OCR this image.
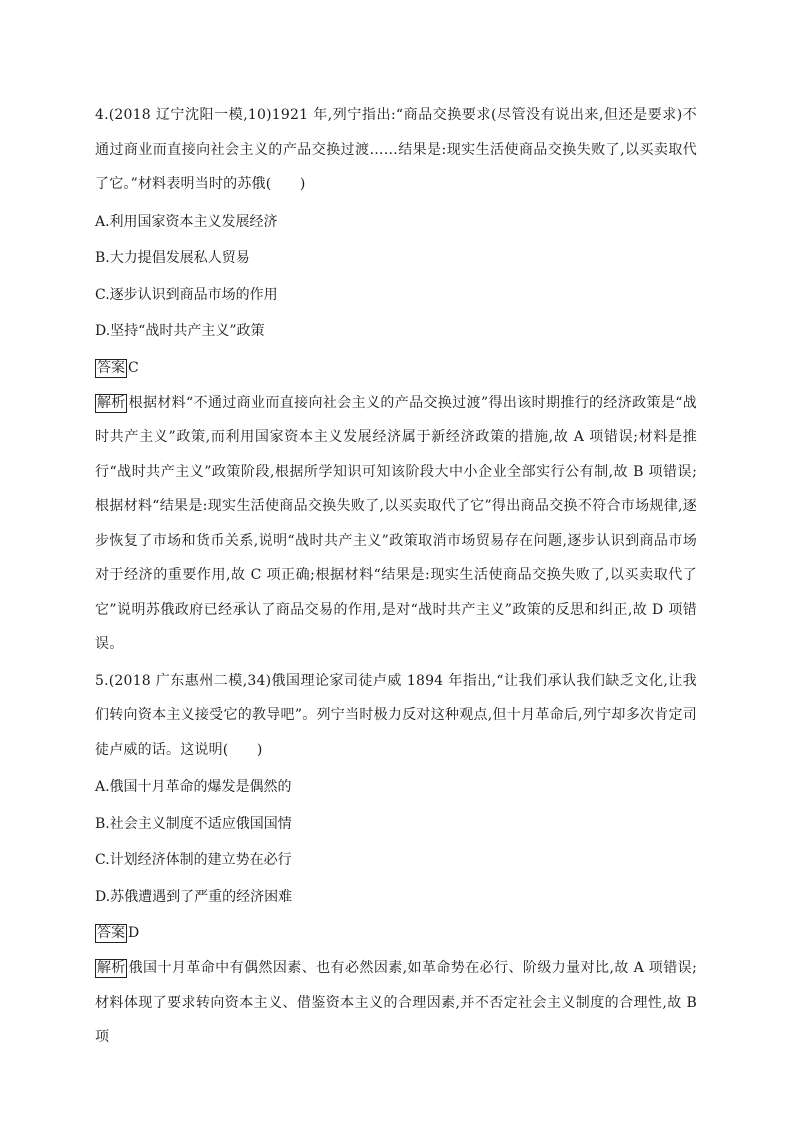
4.(2018 辽宁沈阳一模,10)1921 年,列宁指出:“商品交换要求(尽管没有说出来,但还是要求)不通过商业而直接向社会主义的产品交换过渡……结果是:现实生活使商品交换失败了,以买卖取代了它。”材料表明当时的苏俄(　　)

A.利用国家资本主义发展经济

B.大力提倡发展私人贸易

C.逐步认识到商品市场的作用

D.坚持“战时共产主义”政策

答案 C

解析 根据材料“不通过商业而直接向社会主义的产品交换过渡”得出该时期推行的经济政策是“战时共产主义”政策,而利用国家资本主义发展经济属于新经济政策的措施,故 A 项错误;材料是推行“战时共产主义”政策阶段,根据所学知识可知该阶段大中小企业全部实行公有制,故 B 项错误;根据材料“结果是:现实生活使商品交换失败了,以买卖取代了它”得出商品交换不符合市场规律,逐步恢复了市场和货币关系,说明“战时共产主义”政策取消市场贸易存在问题,逐步认识到商品市场对于经济的重要作用,故 C 项正确;根据材料“结果是:现实生活使商品交换失败了,以买卖取代了它”说明苏俄政府已经承认了商品交易的作用,是对“战时共产主义”政策的反思和纠正,故 D 项错误。

5.(2018 广东惠州二模,34)俄国理论家司徒卢威 1894 年指出,“让我们承认我们缺乏文化,让我们转向资本主义接受它的教导吧”。列宁当时极力反对这种观点,但十月革命后,列宁却多次肯定司徒卢威的话。这说明(　　)

A.俄国十月革命的爆发是偶然的

B.社会主义制度不适应俄国国情

C.计划经济体制的建立势在必行

D.苏俄遭遇到了严重的经济困难

答案 D

解析 俄国十月革命中有偶然因素、也有必然因素,如革命势在必行、阶级力量对比,故 A 项错误;材料体现了要求转向资本主义、借鉴资本主义的合理因素,并不否定社会主义制度的合理性,故 B 项
